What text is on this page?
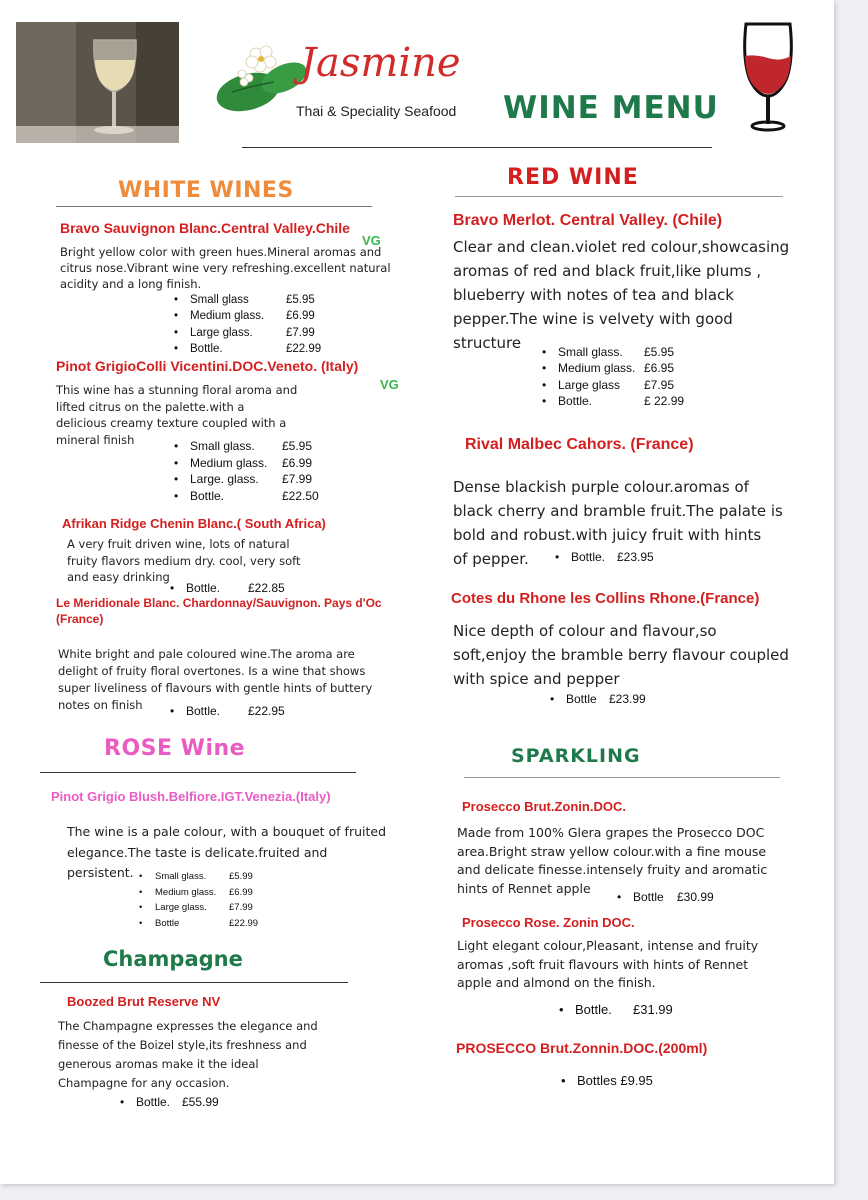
Jasmine
Thai & Speciality Seafood WINE MENU
WHITE WINES
Bravo Sauvignon Blanc.Central Valley.Chile
VG
Bright yellow color with green hues.Mineral aromas and
citrus nose.Vibrant wine very refreshing.excellent natural
acidity and a long finish.
• Small glass	£5.95
• Medium glass. £6.99
• Large glass.	£7.99
• Bottle.	£22.99
Pinot GrigioColli Vicentini.DOC.Veneto. (Italy)
VG
This wine has a stunning floral aroma and
lifted citrus on the palette.with a
delicious creamy texture coupled with a
mineral finish	• Small glass. £5.95
• Medium glass. £6.99
• Large. glass. £7.99
• Bottle.	£22.50
Afrikan Ridge Chenin Blanc.( South Africa)
A very fruit driven wine, lots of natural
fruity flavors medium dry. cool, very soft
and easy drinking
• Bottle. £22.85
Le Meridionale Blanc. Chardonnay/Sauvignon. Pays d'Oc
(France)
White bright and pale coloured wine.The aroma are
delight of fruity floral overtones. Is a wine that shows
super liveliness of flavours with gentle hints of buttery
notes on finish	• Bottle. £22.95
ROSE Wine
Pinot Grigio Blush.Belfiore.IGT.Venezia.(Italy)
The wine is a pale colour, with a bouquet of fruited
elegance.The taste is delicate.fruited and
persistent.	• Small glass. £5.99
• Medium glass. £6.99
• Large glass. £7.99
• Bottle	£22.99
Champagne
Boozed Brut Reserve NV
The Champagne expresses the elegance and
finesse of the Boizel style,its freshness and
generous aromas make it the ideal
Champagne for any occasion.
• Bottle. £55.99
RED WINE
Bravo Merlot. Central Valley. (Chile)
Clear and clean.violet red colour,showcasing
aromas of red and black fruit,like plums ,
blueberry with notes of tea and black
pepper.The wine is velvety with good
structure	• Small glass. £5.95
• Medium glass. £6.95
• Large glass £7.95
• Bottle.	£ 22.99
Rival Malbec Cahors. (France)
Dense blackish purple colour.aromas of
black cherry and bramble fruit.The palate is
bold and robust.with juicy fruit with hints
of pepper.	• Bottle. £23.95
Cotes du Rhone les Collins Rhone.(France)
Nice depth of colour and flavour,so
soft,enjoy the bramble berry flavour coupled
with spice and pepper
• Bottle £23.99
SPARKLING
Prosecco Brut.Zonin.DOC.
Made from 100% Glera grapes the Prosecco DOC
area.Bright straw yellow colour.with a fine mouse
and delicate finesse.intensely fruity and aromatic
hints of Rennet apple
• Bottle £30.99
Prosecco Rose. Zonin DOC.
Light elegant colour,Pleasant, intense and fruity
aromas ,soft fruit flavours with hints of Rennet
apple and almond on the finish.
• Bottle. £31.99
PROSECCO Brut.Zonnin.DOC.(200ml)
• Bottles £9.95
